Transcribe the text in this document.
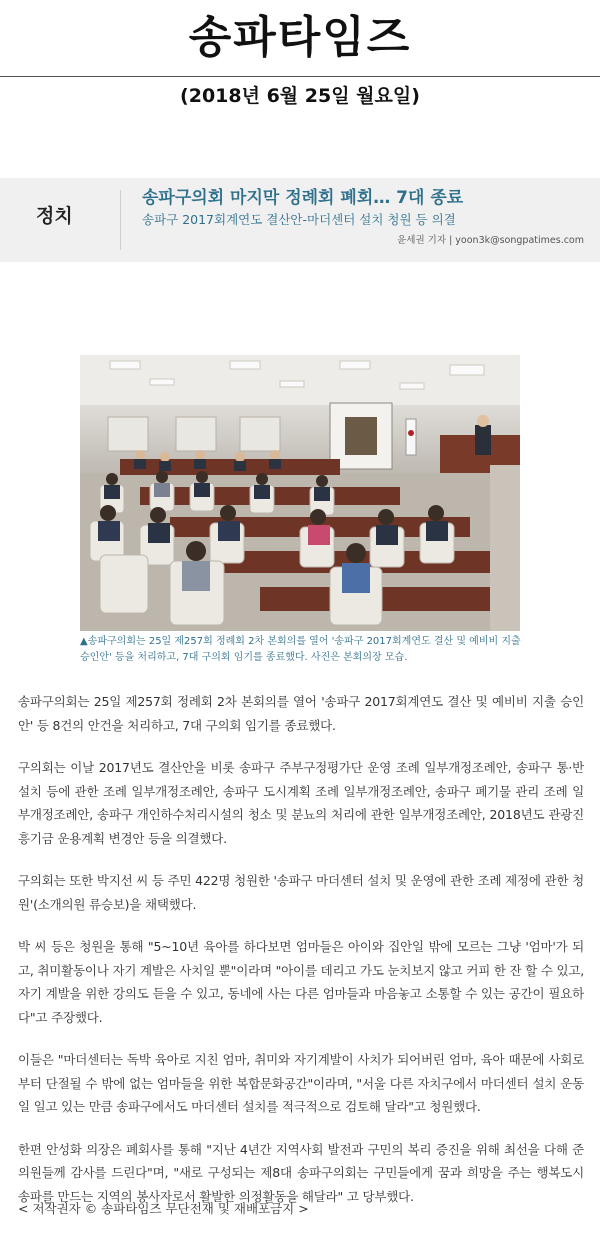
송파타임즈
(2018년 6월 25일 월요일)
정치
송파구의회 마지막 정례회 폐회… 7대 종료
송파구 2017회계연도 결산안-마더센터 설치 청원 등 의결
윤세권 기자 | yoon3k@songpatimes.com
▲송파구의회는 25일 제257회 정례회 2차 본회의를 열어 '송파구 2017회계연도 결산 및 예비비 지출 승인안' 등을 처리하고, 7대 구의회 임기를 종료했다. 사진은 본회의장 모습.

송파구의회는 25일 제257회 정례회 2차 본회의를 열어 '송파구 2017회계연도 결산 및 예비비 지출 승인안' 등 8건의 안건을 처리하고, 7대 구의회 임기를 종료했다.

구의회는 이날 2017년도 결산안을 비롯 송파구 주부구정평가단 운영 조례 일부개정조례안, 송파구 통·반 설치 등에 관한 조례 일부개정조례안, 송파구 도시계획 조례 일부개정조례안, 송파구 폐기물 관리 조례 일부개정조례안, 송파구 개인하수처리시설의 청소 및 분뇨의 처리에 관한 일부개정조례안, 2018년도 관광진흥기금 운용계획 변경안 등을 의결했다.

구의회는 또한 박지선 씨 등 주민 422명 청원한 '송파구 마더센터 설치 및 운영에 관한 조례 제정에 관한 청원'(소개의원 류승보)을 채택했다.

박 씨 등은 청원을 통해 "5~10년 육아를 하다보면 엄마들은 아이와 집안일 밖에 모르는 그냥 '엄마'가 되고, 취미활동이나 자기 계발은 사치일 뿐"이라며 "아이를 데리고 가도 눈치보지 않고 커피 한 잔 할 수 있고, 자기 계발을 위한 강의도 듣을 수 있고, 동네에 사는 다른 엄마들과 마음놓고 소통할 수 있는 공간이 필요하다"고 주장했다.

이들은 "마더센터는 독박 육아로 지친 엄마, 취미와 자기계발이 사치가 되어버린 엄마, 육아 때문에 사회로부터 단절될 수 밖에 없는 엄마들을 위한 복합문화공간"이라며, "서울 다른 자치구에서 마더센터 설치 운동일 일고 있는 만큼 송파구에서도 마더센터 설치를 적극적으로 검토해 달라"고 청원했다.

한편 안성화 의장은 폐회사를 통해 "지난 4년간 지역사회 발전과 구민의 복리 증진을 위해 최선을 다해 준 의원들께 감사를 드린다"며, "새로 구성되는 제8대 송파구의회는 구민들에게 꿈과 희망을 주는 행복도시 송파를 만드는 지역의 봉사자로서 활발한 의정활동을 해달라" 고 당부했다.

< 저작권자 © 송파타임즈 무단전재 및 재배포금지 >
